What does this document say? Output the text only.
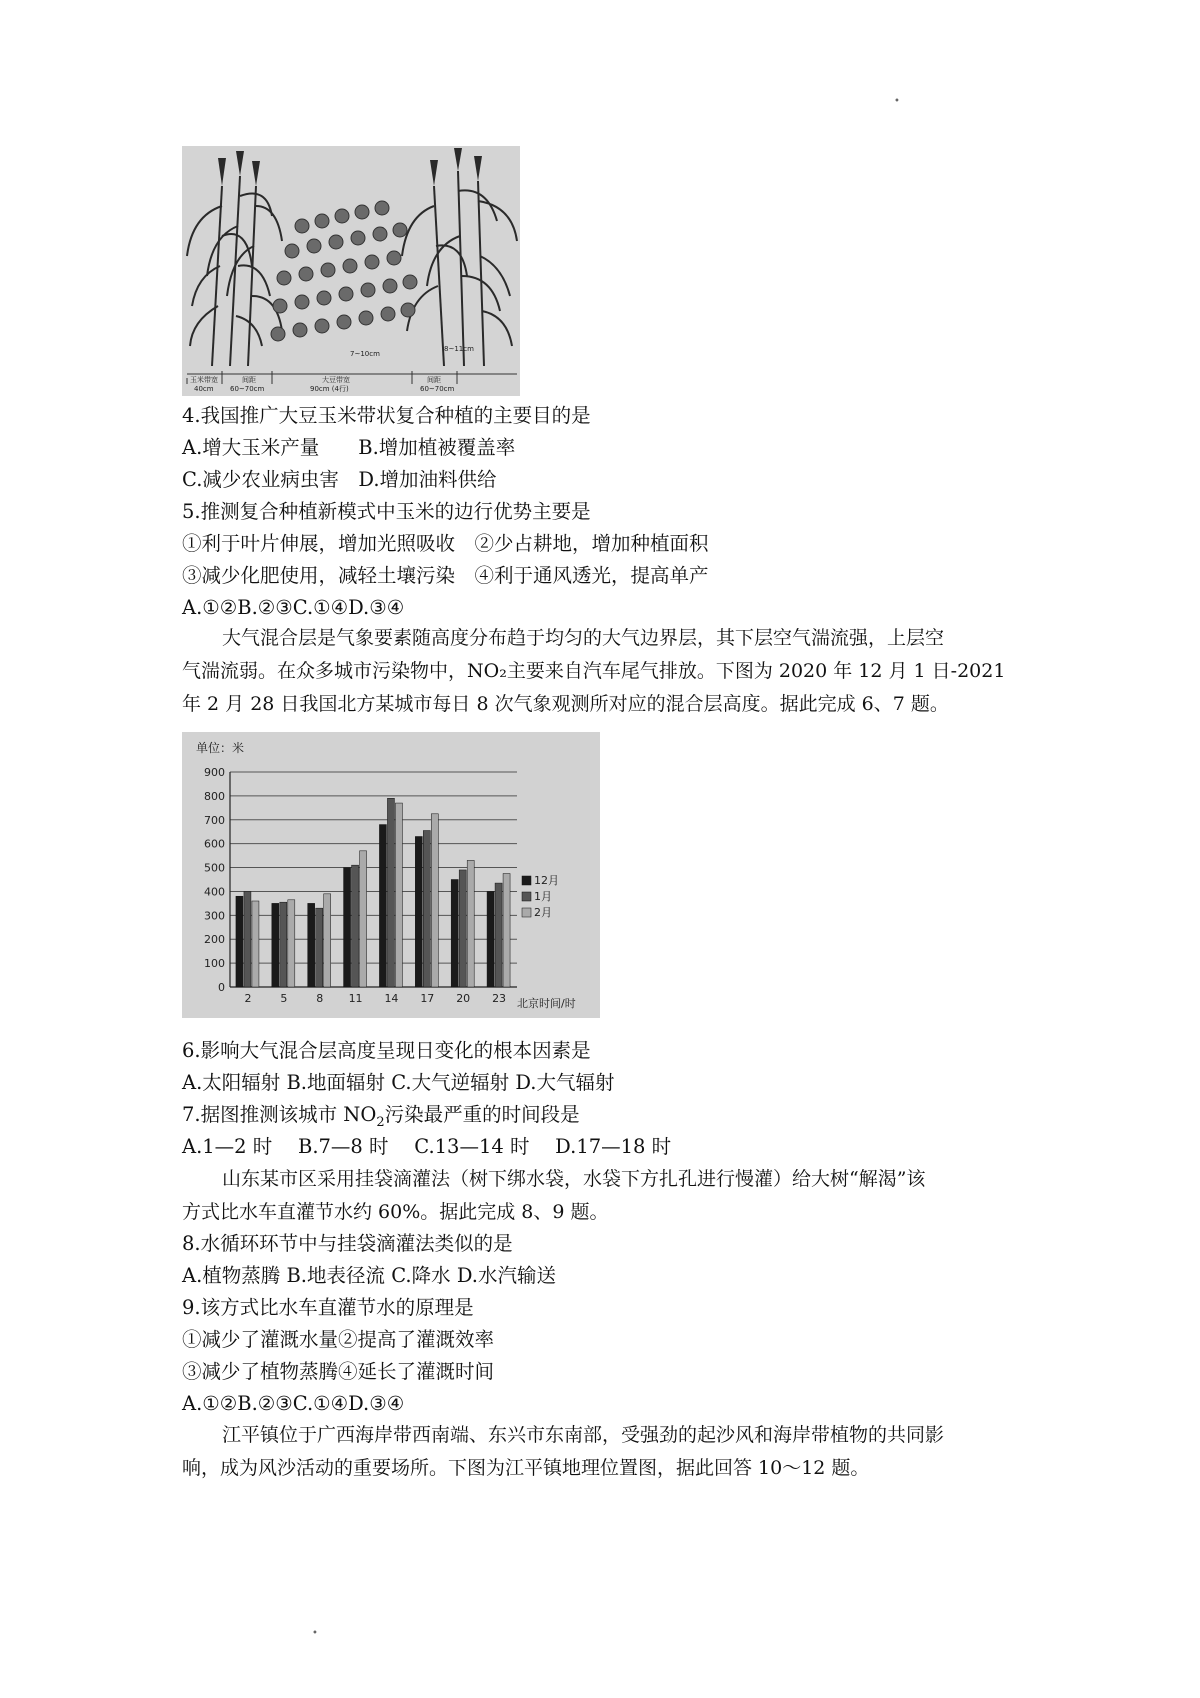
•
7~10cm
8~11cm
玉米带宽	间距	大豆带宽	间距
40cm 60~70cm	90cm (4行)	60~70cm
4.我国推广大豆玉米带状复合种植的主要目的是
A.增大玉米产量　　B.增加植被覆盖率
C.减少农业病虫害　D.增加油料供给
5.推测复合种植新模式中玉米的边行优势主要是
①利于叶片伸展，增加光照吸收　②少占耕地，增加种植面积
③减少化肥使用，减轻土壤污染　④利于通风透光，提高单产
A.①②B.②③C.①④D.③④
大气混合层是气象要素随高度分布趋于均匀的大气边界层，其下层空气湍流强，上层空
气湍流弱。在众多城市污染物中，NO₂主要来自汽车尾气排放。下图为 2020 年 12 月 1 日-2021
年 2 月 28 日我国北方某城市每日 8 次气象观测所对应的混合层高度。据此完成 6、7 题。
单位：米
北京时间/时
0
100
200
300
400
500
600
700
800
900
2	5	8 11 14 17 20 23
12月
1月
2月
6.影响大气混合层高度呈现日变化的根本因素是
A.太阳辐射 B.地面辐射 C.大气逆辐射 D.大气辐射
7.据图推测该城市 $NO_2$污染最严重的时间段是
A.1—2 时　 B.7—8 时　 C.13—14 时　 D.17—18 时
山东某市区采用挂袋滴灌法（树下绑水袋，水袋下方扎孔进行慢灌）给大树“解渴”该
方式比水车直灌节水约 60%。据此完成 8、9 题。
8.水循环环节中与挂袋滴灌法类似的是
A.植物蒸腾 B.地表径流 C.降水 D.水汽输送
9.该方式比水车直灌节水的原理是
①减少了灌溉水量②提高了灌溉效率
③减少了植物蒸腾④延长了灌溉时间
A.①②B.②③C.①④D.③④
江平镇位于广西海岸带西南端、东兴市东南部，受强劲的起沙风和海岸带植物的共同影
响，成为风沙活动的重要场所。下图为江平镇地理位置图，据此回答 10～12 题。
•
